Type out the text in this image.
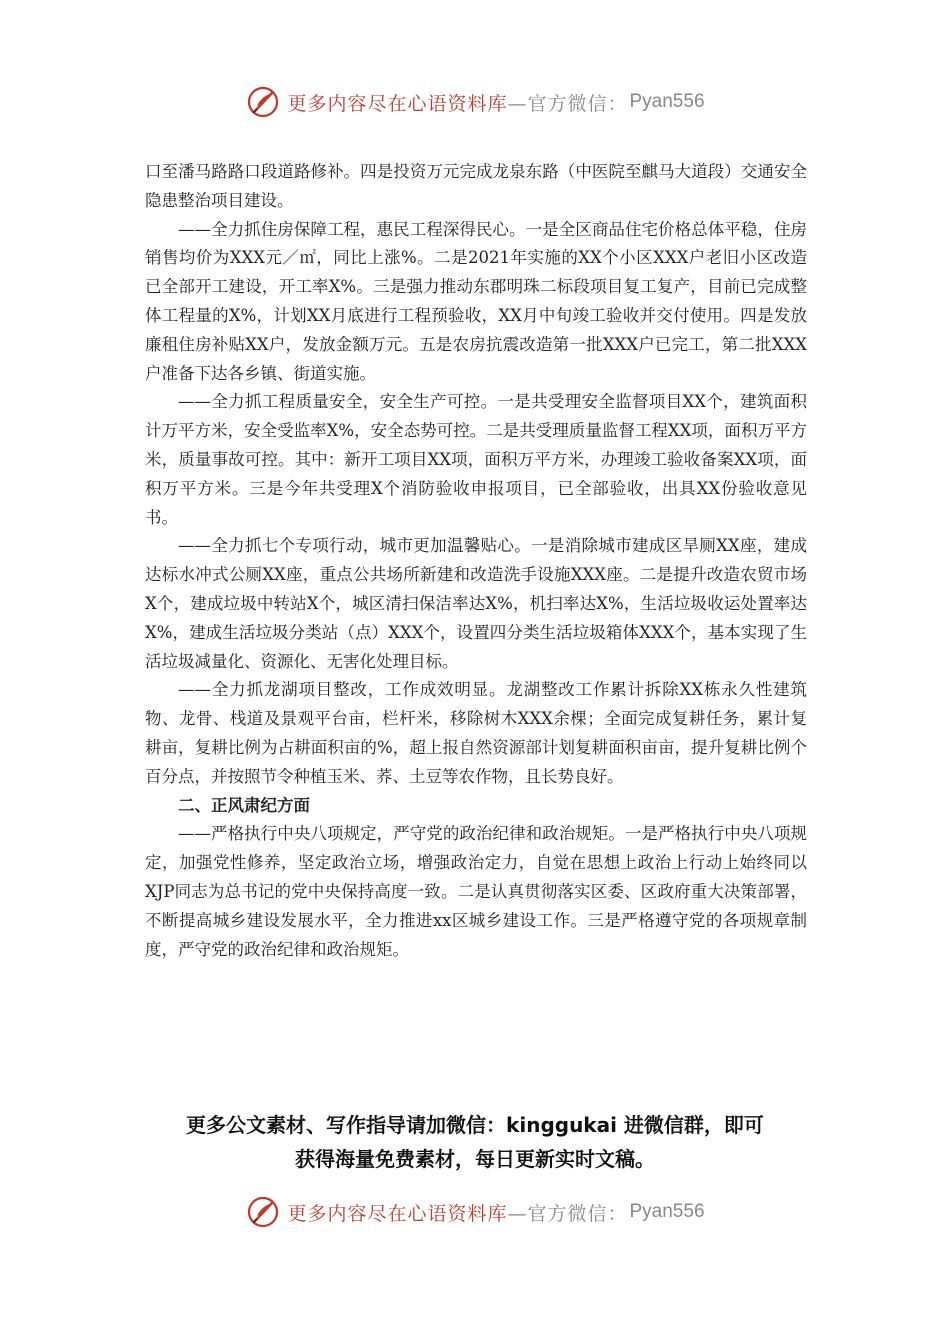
更多内容尽在心语资料库 —官方微信： Pyan556

口至潘马路路口段道路修补。四是投资万元完成龙泉东路（中医院至麒马大道段）交通安全隐患整治项目建设。

——全力抓住房保障工程，惠民工程深得民心。一是全区商品住宅价格总体平稳，住房销售均价为XXX元／㎡，同比上涨%。二是2021年实施的XX个小区XXX户老旧小区改造已全部开工建设，开工率X%。三是强力推动东郡明珠二标段项目复工复产，目前已完成整体工程量的X%，计划XX月底进行工程预验收，XX月中旬竣工验收并交付使用。四是发放廉租住房补贴XX户，发放金额万元。五是农房抗震改造第一批XXX户已完工，第二批XXX户准备下达各乡镇、街道实施。

——全力抓工程质量安全，安全生产可控。一是共受理安全监督项目XX个，建筑面积计万平方米，安全受监率X%，安全态势可控。二是共受理质量监督工程XX项，面积万平方米，质量事故可控。其中：新开工项目XX项，面积万平方米，办理竣工验收备案XX项，面积万平方米。三是今年共受理X个消防验收申报项目，已全部验收，出具XX份验收意见书。

——全力抓七个专项行动，城市更加温馨贴心。一是消除城市建成区旱厕XX座，建成达标水冲式公厕XX座，重点公共场所新建和改造洗手设施XXX座。二是提升改造农贸市场X个，建成垃圾中转站X个，城区清扫保洁率达X%，机扫率达X%，生活垃圾收运处置率达X%，建成生活垃圾分类站（点）XXX个，设置四分类生活垃圾箱体XXX个，基本实现了生活垃圾减量化、资源化、无害化处理目标。

——全力抓龙湖项目整改，工作成效明显。龙湖整改工作累计拆除XX栋永久性建筑物、龙骨、栈道及景观平台亩，栏杆米，移除树木XXX余棵；全面完成复耕任务，累计复耕亩，复耕比例为占耕面积亩的%，超上报自然资源部计划复耕面积亩亩，提升复耕比例个百分点，并按照节令种植玉米、荞、土豆等农作物，且长势良好。

二、正风肃纪方面

——严格执行中央八项规定，严守党的政治纪律和政治规矩。一是严格执行中央八项规定，加强党性修养，坚定政治立场，增强政治定力，自觉在思想上政治上行动上始终同以XJP同志为总书记的党中央保持高度一致。二是认真贯彻落实区委、区政府重大决策部署，不断提高城乡建设发展水平，全力推进xx区城乡建设工作。三是严格遵守党的各项规章制度，严守党的政治纪律和政治规矩。

更多公文素材、写作指导请加微信：kinggukai 进微信群，即可
获得海量免费素材，每日更新实时文稿。
更多内容尽在心语资料库 —官方微信： Pyan556
